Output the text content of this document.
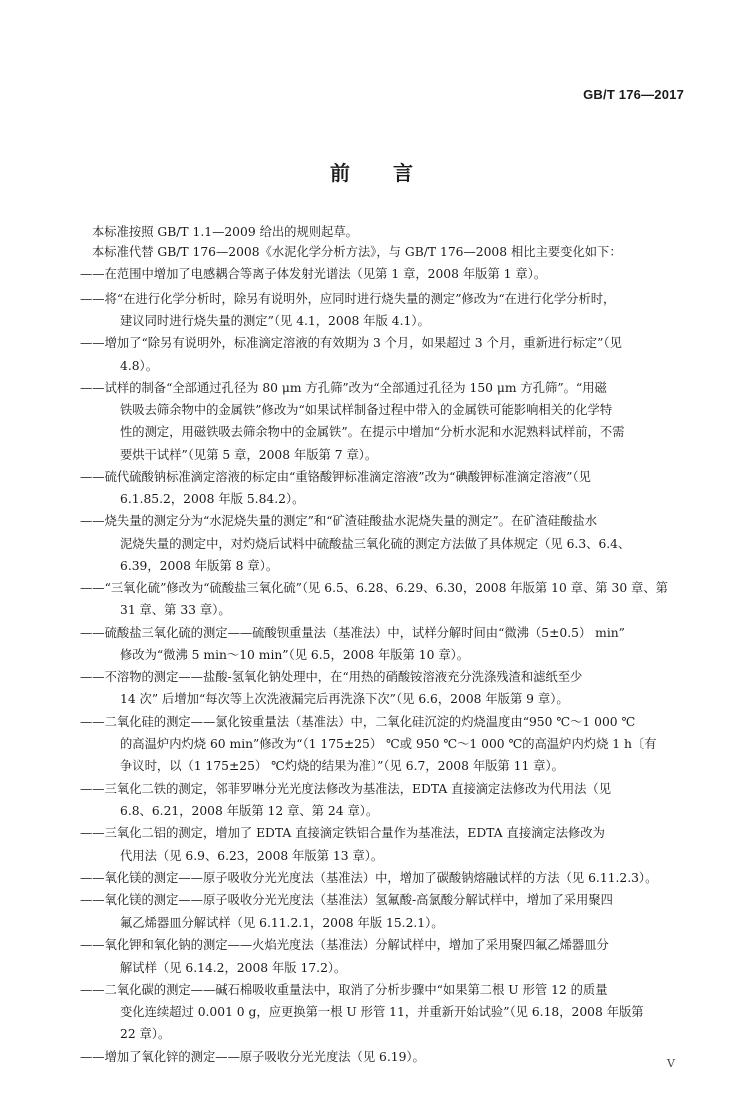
GB/T 176—2017
前 言
本标准按照 GB/T 1.1—2009 给出的规则起草。
本标准代替 GB/T 176—2008《水泥化学分析方法》，与 GB/T 176—2008 相比主要变化如下：
——在范围中增加了电感耦合等离子体发射光谱法（见第 1 章，2008 年版第 1 章）。
——将“在进行化学分析时，除另有说明外，应同时进行烧失量的测定”修改为“在进行化学分析时，
建议同时进行烧失量的测定”（见 4.1，2008 年版 4.1）。
——增加了“除另有说明外，标准滴定溶液的有效期为 3 个月，如果超过 3 个月，重新进行标定”（见
4.8）。
——试样的制备“全部通过孔径为 80 μm 方孔筛”改为“全部通过孔径为 150 μm 方孔筛”。“用磁
铁吸去筛余物中的金属铁”修改为“如果试样制备过程中带入的金属铁可能影响相关的化学特
性的测定，用磁铁吸去筛余物中的金属铁”。在提示中增加“分析水泥和水泥熟料试样前，不需
要烘干试样”（见第 5 章，2008 年版第 7 章）。
——硫代硫酸钠标准滴定溶液的标定由“重铬酸钾标准滴定溶液”改为“碘酸钾标准滴定溶液”（见
6.1.85.2，2008 年版 5.84.2）。
——烧失量的测定分为“水泥烧失量的测定”和“矿渣硅酸盐水泥烧失量的测定”。在矿渣硅酸盐水
泥烧失量的测定中，对灼烧后试料中硫酸盐三氧化硫的测定方法做了具体规定（见 6.3、6.4、
6.39，2008 年版第 8 章）。
——“三氧化硫”修改为“硫酸盐三氧化硫”（见 6.5、6.28、6.29、6.30，2008 年版第 10 章、第 30 章、第
31 章、第 33 章）。
——硫酸盐三氧化硫的测定——硫酸钡重量法（基准法）中，试样分解时间由“微沸（5±0.5） min”
修改为“微沸 5 min～10 min”（见 6.5，2008 年版第 10 章）。
——不溶物的测定——盐酸-氢氧化钠处理中，在“用热的硝酸铵溶液充分洗涤残渣和滤纸至少
14 次” 后增加“每次等上次洗液漏完后再洗涤下次”（见 6.6，2008 年版第 9 章）。
——二氧化硅的测定——氯化铵重量法（基准法）中，二氧化硅沉淀的灼烧温度由“950 ℃～1 000 ℃
的高温炉内灼烧 60 min”修改为“（1 175±25） ℃或 950 ℃～1 000 ℃的高温炉内灼烧 1 h〔有
争议时，以（1 175±25） ℃灼烧的结果为准〕”（见 6.7，2008 年版第 11 章）。
——三氧化二铁的测定，邻菲罗啉分光光度法修改为基准法，EDTA 直接滴定法修改为代用法（见
6.8、6.21，2008 年版第 12 章、第 24 章）。
——三氧化二铝的测定，增加了 EDTA 直接滴定铁铝合量作为基准法，EDTA 直接滴定法修改为
代用法（见 6.9、6.23，2008 年版第 13 章）。
——氧化镁的测定——原子吸收分光光度法（基准法）中，增加了碳酸钠熔融试样的方法（见 6.11.2.3）。
——氧化镁的测定——原子吸收分光光度法（基准法）氢氟酸-高氯酸分解试样中，增加了采用聚四
氟乙烯器皿分解试样（见 6.11.2.1，2008 年版 15.2.1）。
——氧化钾和氧化钠的测定——火焰光度法（基准法）分解试样中，增加了采用聚四氟乙烯器皿分
解试样（见 6.14.2，2008 年版 17.2）。
——二氧化碳的测定——碱石棉吸收重量法中，取消了分析步骤中“如果第二根 U 形管 12 的质量
变化连续超过 0.001 0 g，应更换第一根 U 形管 11，并重新开始试验”（见 6.18，2008 年版第
22 章）。
——增加了氧化锌的测定——原子吸收分光光度法（见 6.19）。	V
